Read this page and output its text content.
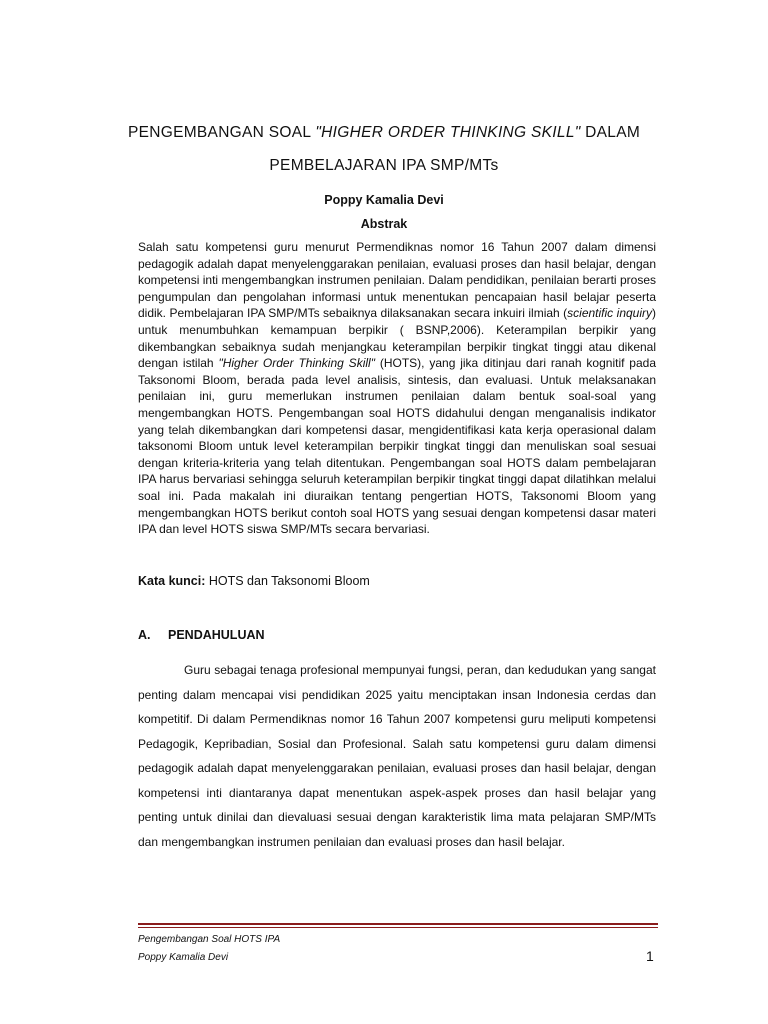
PENGEMBANGAN SOAL "HIGHER ORDER THINKING SKILL" DALAM
PEMBELAJARAN IPA SMP/MTs
Poppy Kamalia Devi
Abstrak

Salah satu kompetensi guru menurut Permendiknas nomor 16 Tahun 2007 dalam dimensi pedagogik adalah dapat menyelenggarakan penilaian, evaluasi proses dan hasil belajar, dengan kompetensi inti mengembangkan instrumen penilaian. Dalam pendidikan, penilaian berarti proses pengumpulan dan pengolahan informasi untuk menentukan pencapaian hasil belajar peserta didik. Pembelajaran IPA SMP/MTs sebaiknya dilaksanakan secara inkuiri ilmiah (scientific inquiry) untuk menumbuhkan kemampuan berpikir ( BSNP,2006). Keterampilan berpikir yang dikembangkan sebaiknya sudah menjangkau keterampilan berpikir tingkat tinggi atau dikenal dengan istilah "Higher Order Thinking Skill" (HOTS), yang jika ditinjau dari ranah kognitif pada Taksonomi Bloom, berada pada level analisis, sintesis, dan evaluasi. Untuk melaksanakan penilaian ini, guru memerlukan instrumen penilaian dalam bentuk soal-soal yang mengembangkan HOTS. Pengembangan soal HOTS didahului dengan menganalisis indikator yang telah dikembangkan dari kompetensi dasar, mengidentifikasi kata kerja operasional dalam taksonomi Bloom untuk level keterampilan berpikir tingkat tinggi dan menuliskan soal sesuai dengan kriteria-kriteria yang telah ditentukan. Pengembangan soal HOTS dalam pembelajaran IPA harus bervariasi sehingga seluruh keterampilan berpikir tingkat tinggi dapat dilatihkan melalui soal ini. Pada makalah ini diuraikan tentang pengertian HOTS, Taksonomi Bloom yang mengembangkan HOTS berikut contoh soal HOTS yang sesuai dengan kompetensi dasar materi IPA dan level HOTS siswa SMP/MTs secara bervariasi.

Kata kunci: HOTS dan Taksonomi Bloom
A. PENDAHULUAN

Guru sebagai tenaga profesional mempunyai fungsi, peran, dan kedudukan yang sangat penting dalam mencapai visi pendidikan 2025 yaitu menciptakan insan Indonesia cerdas dan kompetitif. Di dalam Permendiknas nomor 16 Tahun 2007 kompetensi guru meliputi kompetensi Pedagogik, Kepribadian, Sosial dan Profesional. Salah satu kompetensi guru dalam dimensi pedagogik adalah dapat menyelenggarakan penilaian, evaluasi proses dan hasil belajar, dengan kompetensi inti diantaranya dapat menentukan aspek-aspek proses dan hasil belajar yang penting untuk dinilai dan dievaluasi sesuai dengan karakteristik lima mata pelajaran SMP/MTs dan mengembangkan instrumen penilaian dan evaluasi proses dan hasil belajar.

Pengembangan Soal HOTS IPA
Poppy Kamalia Devi	1
